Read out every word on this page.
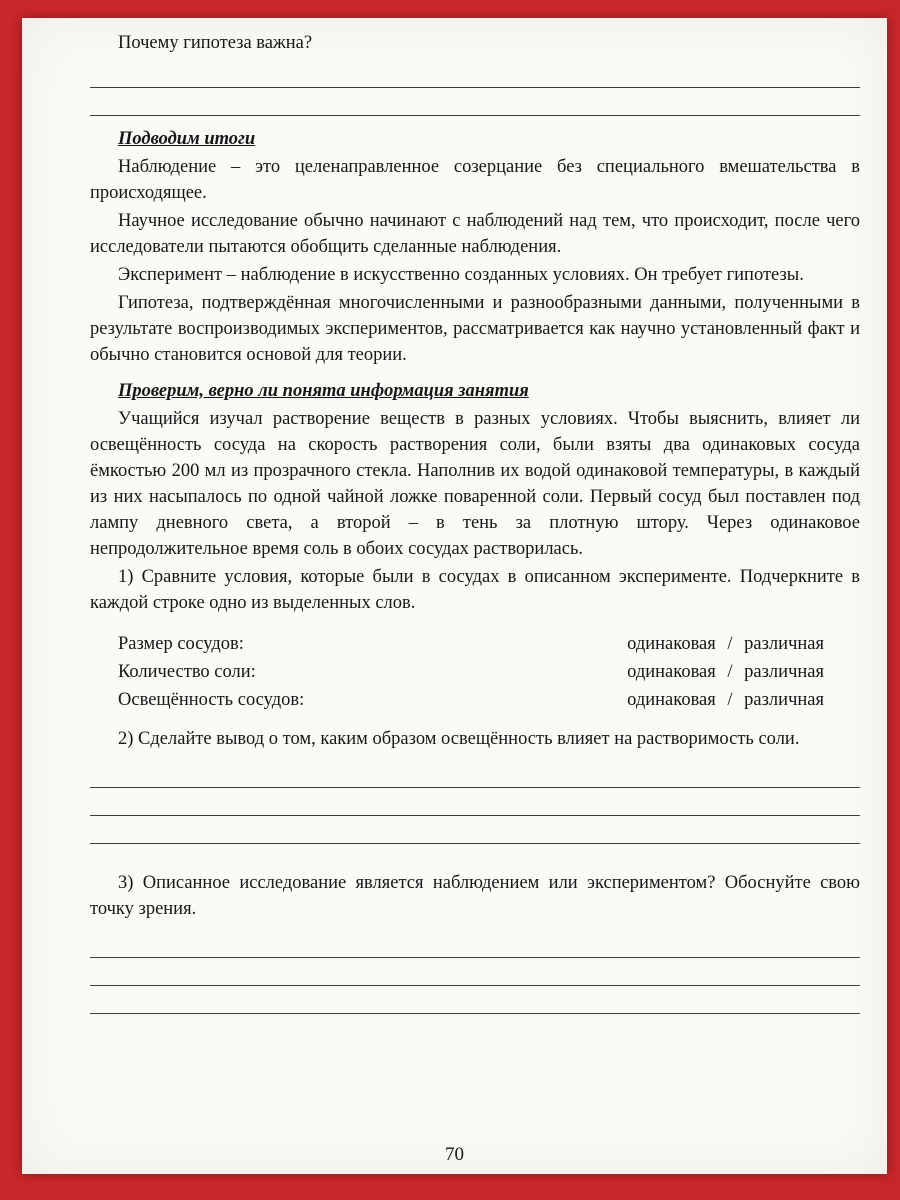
Почему гипотеза важна?
Подводим итоги
Наблюдение – это целенаправленное созерцание без специального вмешательства в происходящее.
Научное исследование обычно начинают с наблюдений над тем, что происходит, после чего исследователи пытаются обобщить сделанные наблюдения.
Эксперимент – наблюдение в искусственно созданных условиях. Он требует гипотезы.
Гипотеза, подтверждённая многочисленными и разнообразными данными, полученными в результате воспроизводимых экспериментов, рассматривается как научно установленный факт и обычно становится основой для теории.
Проверим, верно ли понята информация занятия
Учащийся изучал растворение веществ в разных условиях. Чтобы выяснить, влияет ли освещённость сосуда на скорость растворения соли, были взяты два одинаковых сосуда ёмкостью 200 мл из прозрачного стекла. Наполнив их водой одинаковой температуры, в каждый из них насыпалось по одной чайной ложке поваренной соли. Первый сосуд был поставлен под лампу дневного света, а второй – в тень за плотную штору. Через одинаковое непродолжительное время соль в обоих сосудах растворилась.
1) Сравните условия, которые были в сосудах в описанном эксперименте. Подчеркните в каждой строке одно из выделенных слов.
Размер сосудов:	одинаковая / различная
Количество соли:	одинаковая / различная
Освещённость сосудов:	одинаковая / различная
2) Сделайте вывод о том, каким образом освещённость влияет на растворимость соли.
3) Описанное исследование является наблюдением или экспериментом? Обоснуйте свою точку зрения.
70
